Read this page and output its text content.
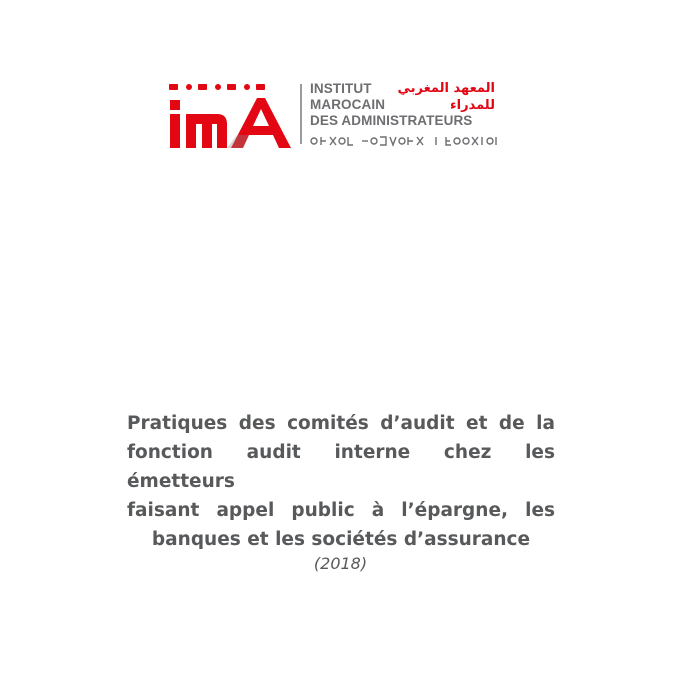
INSTITUT
MAROCAIN
DES ADMINISTRATEURS
المعهد المغربي
للمدراء
Pratiques des comités d’audit et de la
fonction audit interne chez les émetteurs
faisant appel public à l’épargne, les
banques et les sociétés d’assurance
(2018)
